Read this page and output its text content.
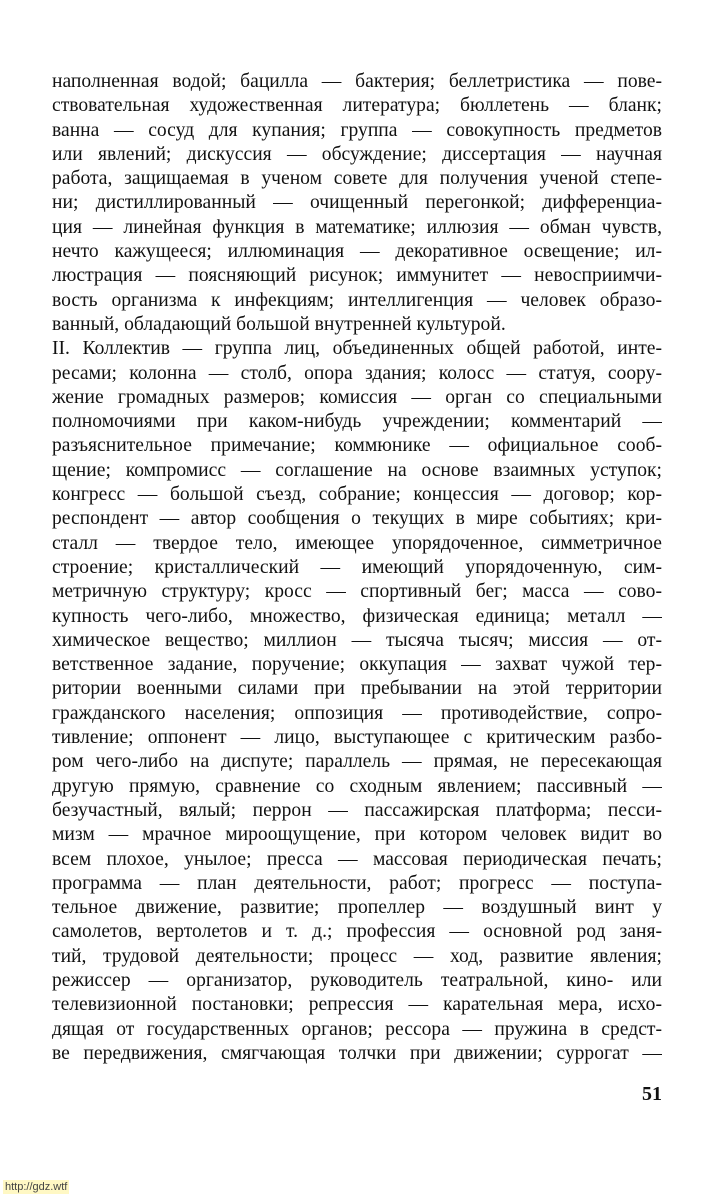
наполненная водой; бацилла — бактерия; беллетристика — пове-
ствовательная художественная литература; бюллетень — бланк;
ванна — сосуд для купания; группа — совокупность предметов
или явлений; дискуссия — обсуждение; диссертация — научная
работа, защищаемая в ученом совете для получения ученой степе-
ни; дистиллированный — очищенный перегонкой; дифференциа-
ция — линейная функция в математике; иллюзия — обман чувств,
нечто кажущееся; иллюминация — декоративное освещение; ил-
люстрация — поясняющий рисунок; иммунитет — невосприимчи-
вость организма к инфекциям; интеллигенция — человек образо-
ванный, обладающий большой внутренней культурой.
II. Коллектив — группа лиц, объединенных общей работой, инте-
ресами; колонна — столб, опора здания; колосс — статуя, соору-
жение громадных размеров; комиссия — орган со специальными
полномочиями при каком-нибудь учреждении; комментарий —
разъяснительное примечание; коммюнике — официальное сооб-
щение; компромисс — соглашение на основе взаимных уступок;
конгресс — большой съезд, собрание; концессия — договор; кор-
респондент — автор сообщения о текущих в мире событиях; кри-
сталл — твердое тело, имеющее упорядоченное, симметричное
строение; кристаллический — имеющий упорядоченную, сим-
метричную структуру; кросс — спортивный бег; масса — сово-
купность чего-либо, множество, физическая единица; металл —
химическое вещество; миллион — тысяча тысяч; миссия — от-
ветственное задание, поручение; оккупация — захват чужой тер-
ритории военными силами при пребывании на этой территории
гражданского населения; оппозиция — противодействие, сопро-
тивление; оппонент — лицо, выступающее с критическим разбо-
ром чего-либо на диспуте; параллель — прямая, не пересекающая
другую прямую, сравнение со сходным явлением; пассивный —
безучастный, вялый; перрон — пассажирская платформа; песси-
мизм — мрачное мироощущение, при котором человек видит во
всем плохое, унылое; пресса — массовая периодическая печать;
программа — план деятельности, работ; прогресс — поступа-
тельное движение, развитие; пропеллер — воздушный винт у
самолетов, вертолетов и т. д.; профессия — основной род заня-
тий, трудовой деятельности; процесс — ход, развитие явления;
режиссер — организатор, руководитель театральной, кино- или
телевизионной постановки; репрессия — карательная мера, исхо-
дящая от государственных органов; рессора — пружина в средст-
ве передвижения, смягчающая толчки при движении; суррогат —
51
http://gdz.wtf
